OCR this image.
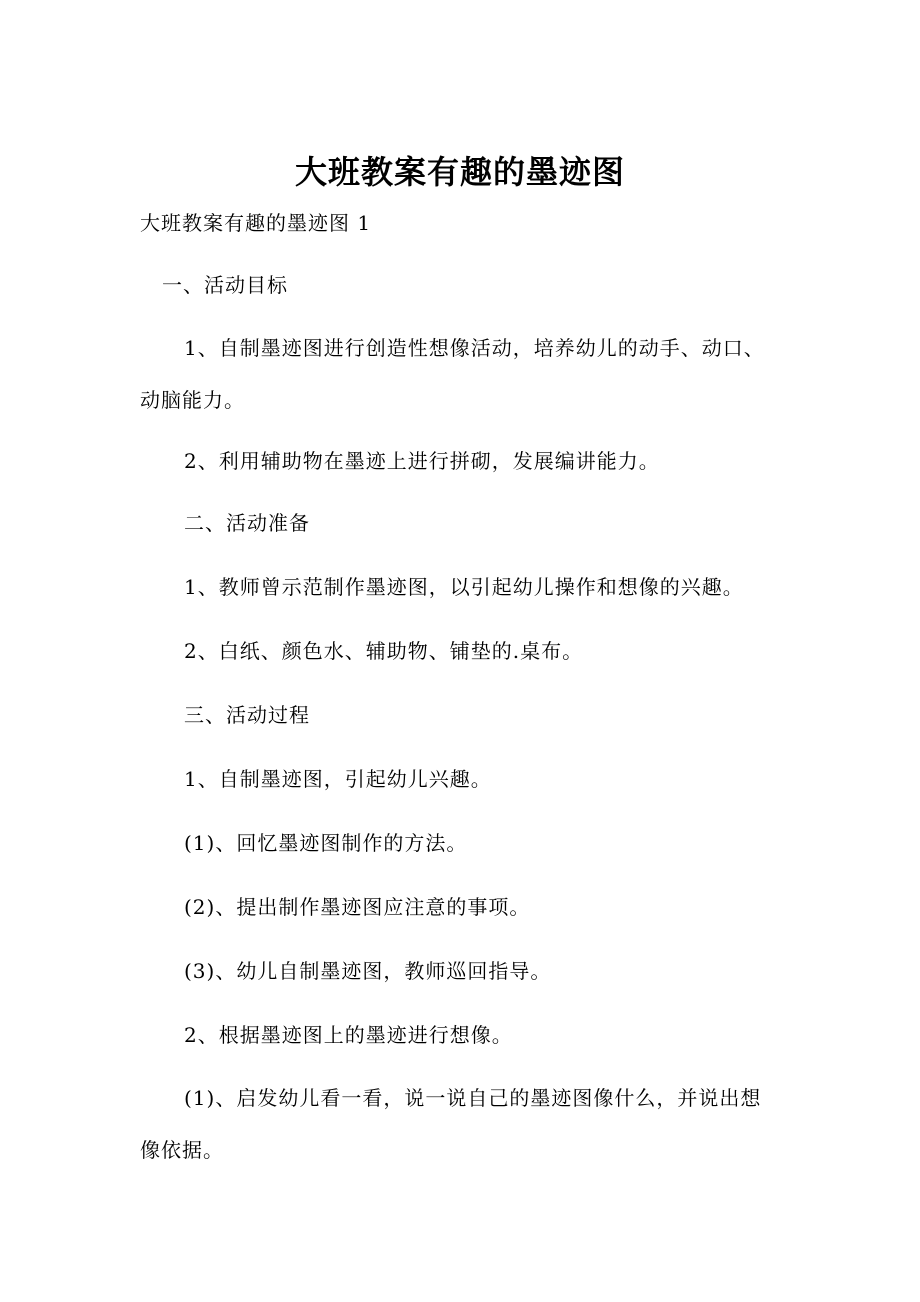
大班教案有趣的墨迹图
大班教案有趣的墨迹图 1
一、活动目标
1、自制墨迹图进行创造性想像活动，培养幼儿的动手、动口、动脑能力。
2、利用辅助物在墨迹上进行拼砌，发展编讲能力。
二、活动准备
1、教师曾示范制作墨迹图，以引起幼儿操作和想像的兴趣。
2、白纸、颜色水、辅助物、铺垫的.桌布。
三、活动过程
1、自制墨迹图，引起幼儿兴趣。
(1)、回忆墨迹图制作的方法。
(2)、提出制作墨迹图应注意的事项。
(3)、幼儿自制墨迹图，教师巡回指导。
2、根据墨迹图上的墨迹进行想像。
(1)、启发幼儿看一看，说一说自己的墨迹图像什么，并说出想像依据。
